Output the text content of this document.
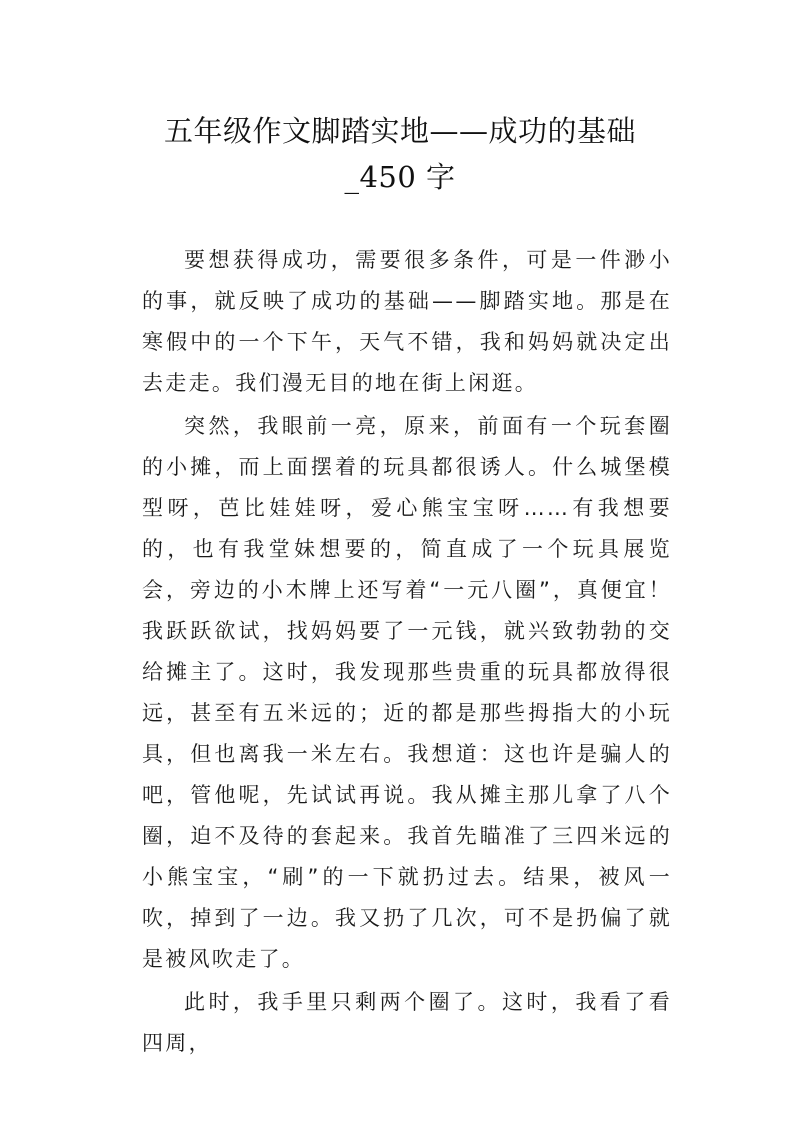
五年级作文脚踏实地——成功的基础
_450 字

要想获得成功，需要很多条件，可是一件渺小的事，就反映了成功的基础——脚踏实地。那是在寒假中的一个下午，天气不错，我和妈妈就决定出去走走。我们漫无目的地在街上闲逛。

突然，我眼前一亮，原来，前面有一个玩套圈的小摊，而上面摆着的玩具都很诱人。什么城堡模型呀，芭比娃娃呀，爱心熊宝宝呀……有我想要的，也有我堂妹想要的，简直成了一个玩具展览会，旁边的小木牌上还写着“一元八圈”，真便宜！我跃跃欲试，找妈妈要了一元钱，就兴致勃勃的交给摊主了。这时，我发现那些贵重的玩具都放得很远，甚至有五米远的；近的都是那些拇指大的小玩具，但也离我一米左右。我想道：这也许是骗人的吧，管他呢，先试试再说。我从摊主那儿拿了八个圈，迫不及待的套起来。我首先瞄准了三四米远的小熊宝宝，“刷”的一下就扔过去。结果，被风一吹，掉到了一边。我又扔了几次，可不是扔偏了就是被风吹走了。

此时，我手里只剩两个圈了。这时，我看了看四周，
